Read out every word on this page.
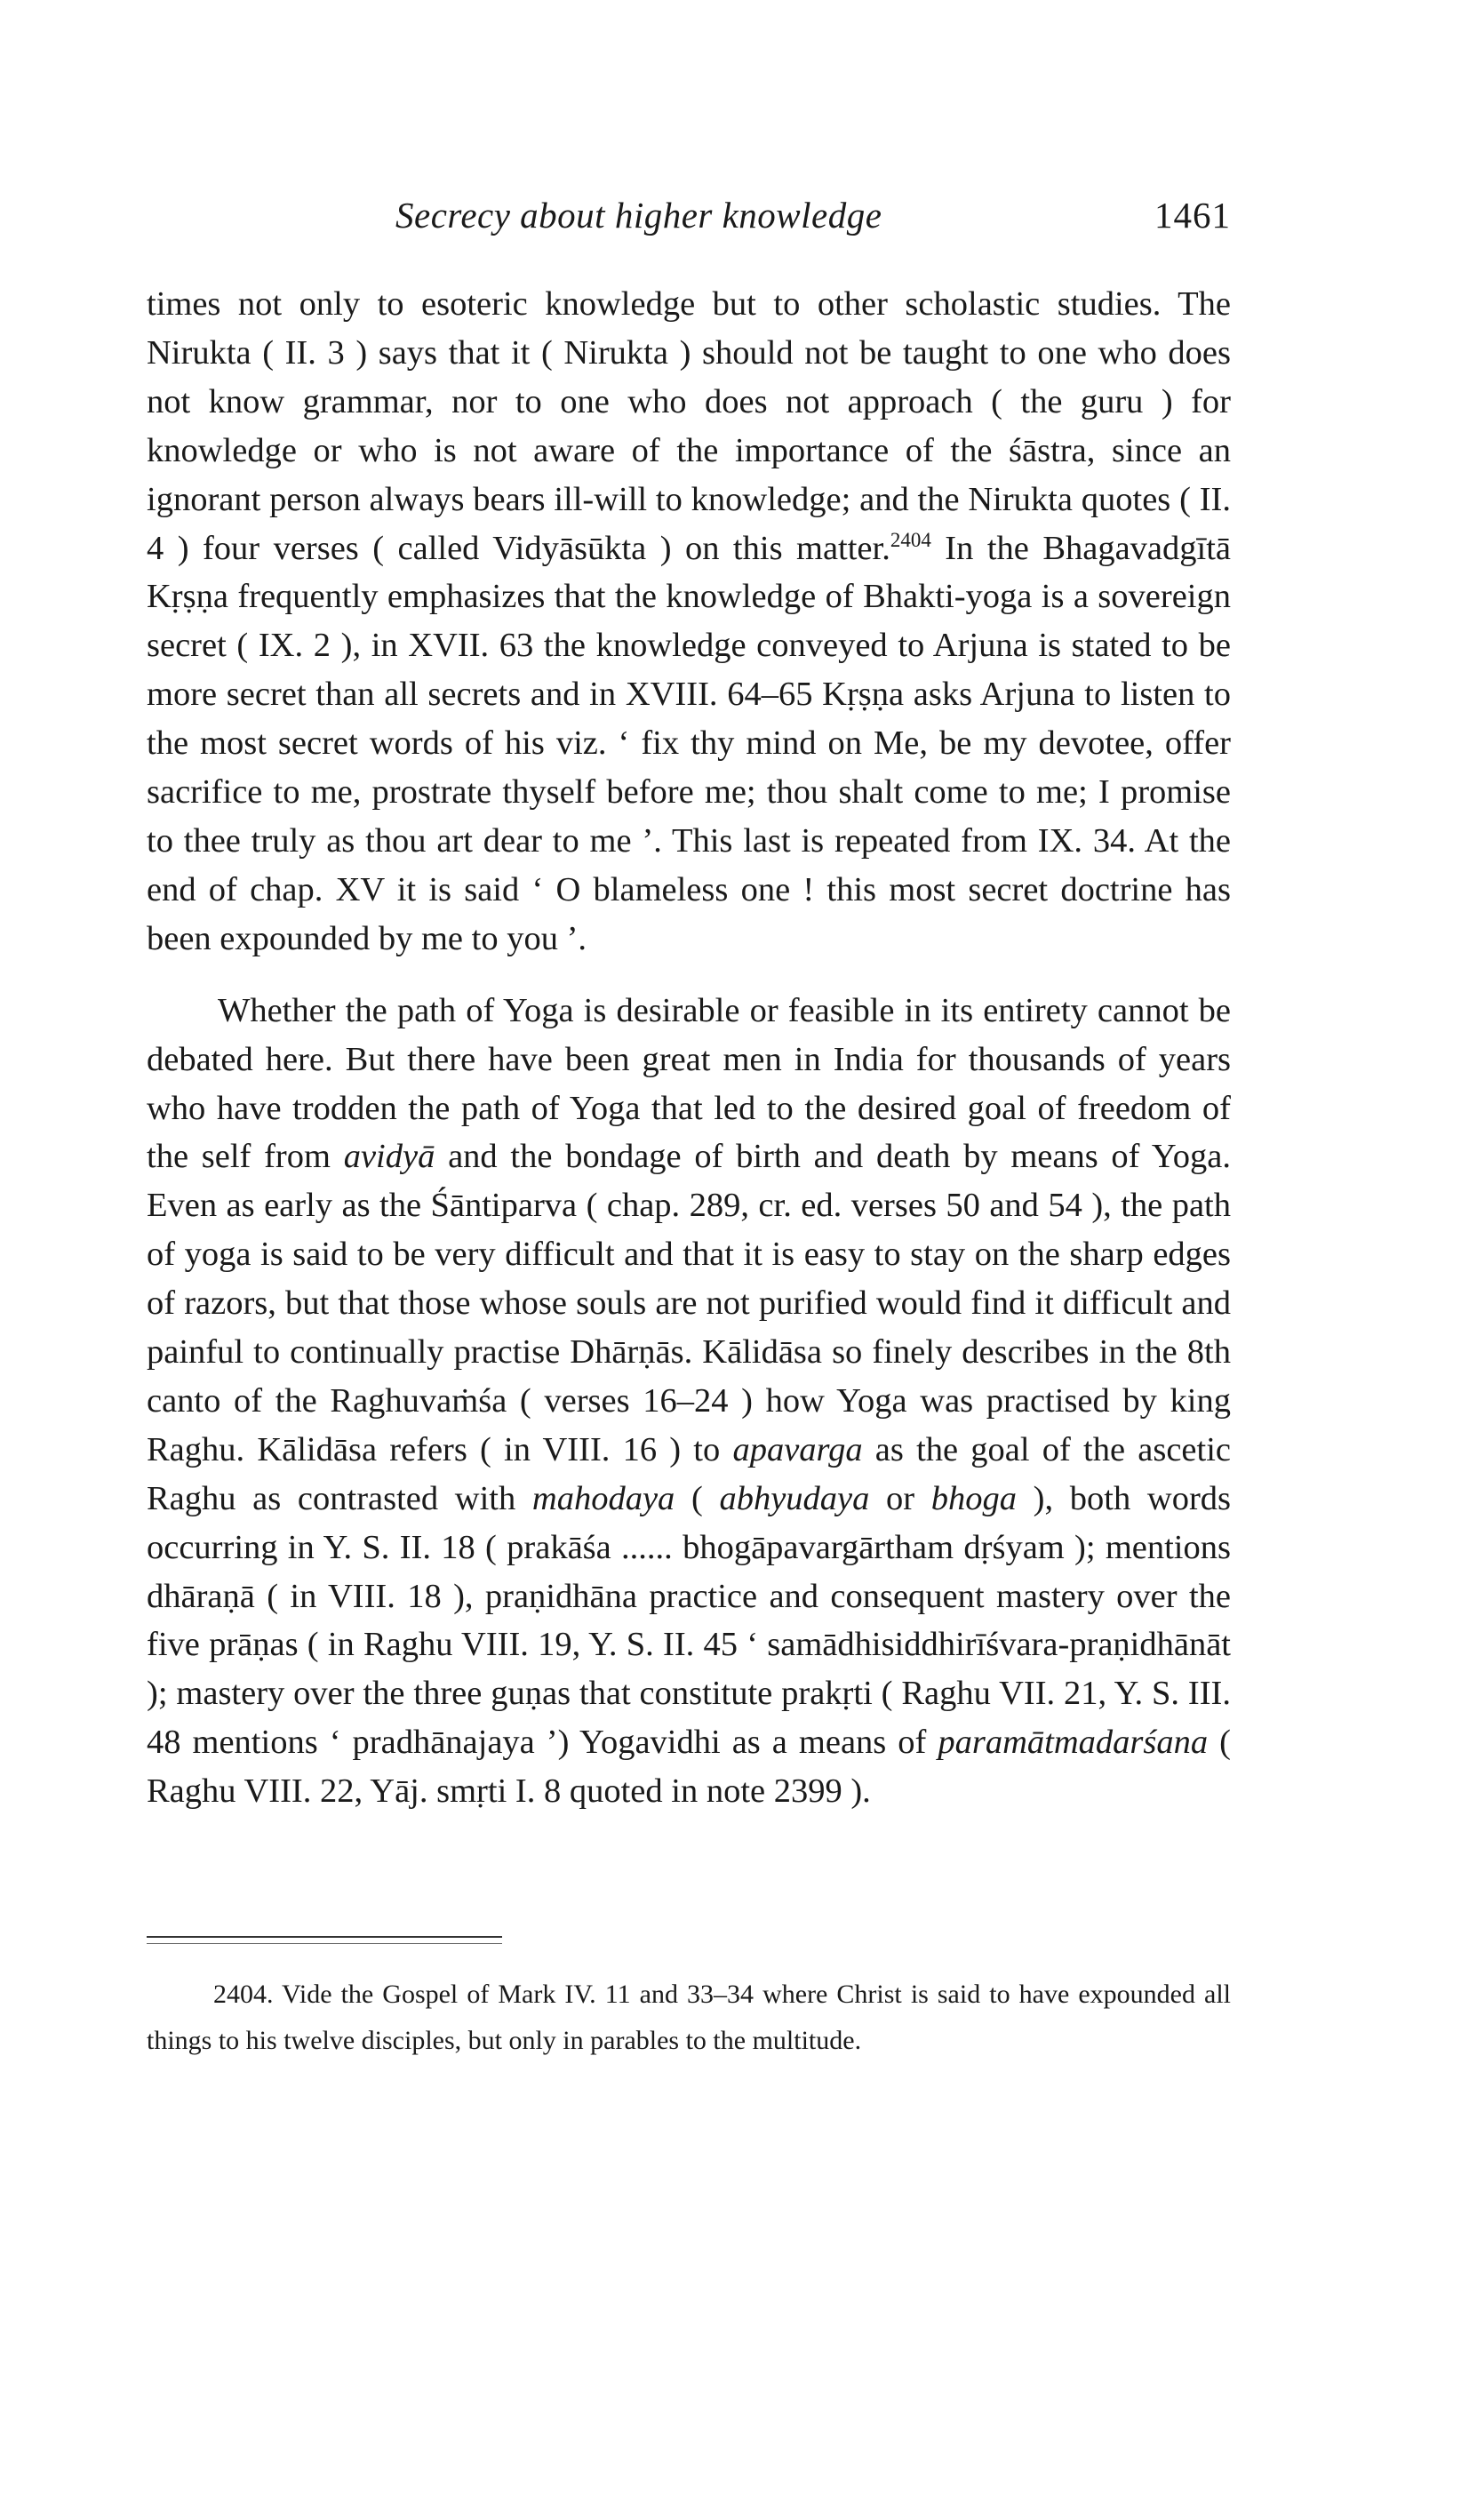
Secrecy about higher knowledge	1461

times not only to esoteric knowledge but to other scholastic studies. The Nirukta ( II. 3 ) says that it ( Nirukta ) should not be taught to one who does not know grammar, nor to one who does not approach ( the guru ) for knowledge or who is not aware of the importance of the śāstra, since an ignorant person always bears ill-will to knowledge; and the Nirukta quotes ( II. 4 ) four verses ( called Vidyāsūkta ) on this matter.$^{2404}$ In the Bhagavadgītā Kṛṣṇa frequently emphasizes that the knowledge of Bhakti-yoga is a sovereign secret ( IX. 2 ), in XVII. 63 the knowledge conveyed to Arjuna is stated to be more secret than all secrets and in XVIII. 64–65 Kṛṣṇa asks Arjuna to listen to the most secret words of his viz. ‘ fix thy mind on Me, be my devotee, offer sacrifice to me, prostrate thyself before me; thou shalt come to me; I promise to thee truly as thou art dear to me ’. This last is repeated from IX. 34. At the end of chap. XV it is said ‘ O blameless one ! this most secret doctrine has been expounded by me to you ’.

Whether the path of Yoga is desirable or feasible in its entirety cannot be debated here. But there have been great men in India for thousands of years who have trodden the path of Yoga that led to the desired goal of freedom of the self from avidyā and the bondage of birth and death by means of Yoga. Even as early as the Śāntiparva ( chap. 289, cr. ed. verses 50 and 54 ), the path of yoga is said to be very difficult and that it is easy to stay on the sharp edges of razors, but that those whose souls are not purified would find it difficult and painful to continually practise Dhārṇās. Kālidāsa so finely describes in the 8th canto of the Raghuvaṁśa ( verses 16–24 ) how Yoga was practised by king Raghu. Kālidāsa refers ( in VIII. 16 ) to apavarga as the goal of the ascetic Raghu as contrasted with mahodaya ( abhyudaya or bhoga ), both words occurring in Y. S. II. 18 ( prakāśa ...... bhogāpavargārtham dṛśyam ); mentions dhāraṇā ( in VIII. 18 ), praṇidhāna practice and consequent mastery over the five prāṇas ( in Raghu VIII. 19, Y. S. II. 45 ‘ samādhisiddhirīśvara-praṇidhānāt ); mastery over the three guṇas that constitute prakṛti ( Raghu VII. 21, Y. S. III. 48 mentions ‘ pradhānajaya ’) Yogavidhi as a means of paramātmadarśana ( Raghu VIII. 22, Yāj. smṛti I. 8 quoted in note 2399 ).

2404. Vide the Gospel of Mark IV. 11 and 33–34 where Christ is said to have expounded all things to his twelve disciples, but only in parables to the multitude.
